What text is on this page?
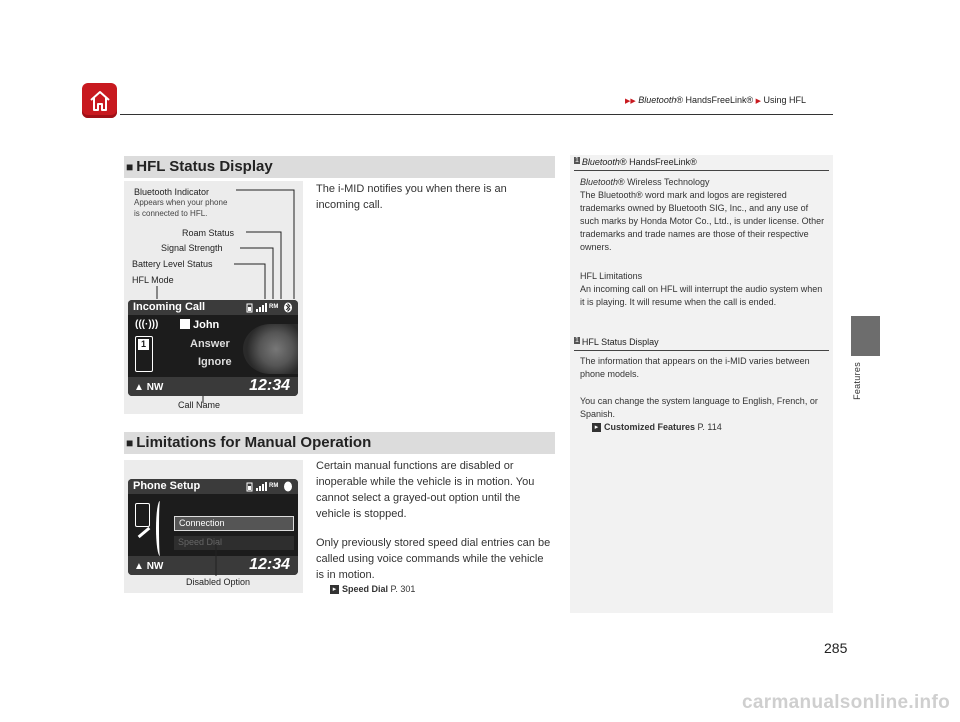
▶▶ Bluetooth® HandsFreeLink® ▶ Using HFL
Features
■ HFL Status Display
Bluetooth Indicator
Appears when your phone
is connected to HFL.
Roam Status
Signal Strength
Battery Level Status
HFL Mode
Incoming Call	RM
(((·)))	John
1	Answer
Ignore
▲ NW	12:34
Call Name
The i-MID notifies you when there is an incoming call.
■ Limitations for Manual Operation
Phone Setup	RM
Connection
Speed Dial
▲ NW	12:34
Disabled Option
Certain manual functions are disabled or inoperable while the vehicle is in motion. You cannot select a grayed-out option until the vehicle is stopped.
Only previously stored speed dial entries can be called using voice commands while the vehicle is in motion.
▸ Speed Dial P. 301
1 Bluetooth® HandsFreeLink®
Bluetooth® Wireless Technology
The Bluetooth® word mark and logos are registered trademarks owned by Bluetooth SIG, Inc., and any use of such marks by Honda Motor Co., Ltd., is under license. Other trademarks and trade names are those of their respective owners.
HFL Limitations
An incoming call on HFL will interrupt the audio system when it is playing. It will resume when the call is ended.
1 HFL Status Display
The information that appears on the i-MID varies between phone models.
You can change the system language to English, French, or Spanish.
▸ Customized Features P. 114
285
carmanualsonline.info
